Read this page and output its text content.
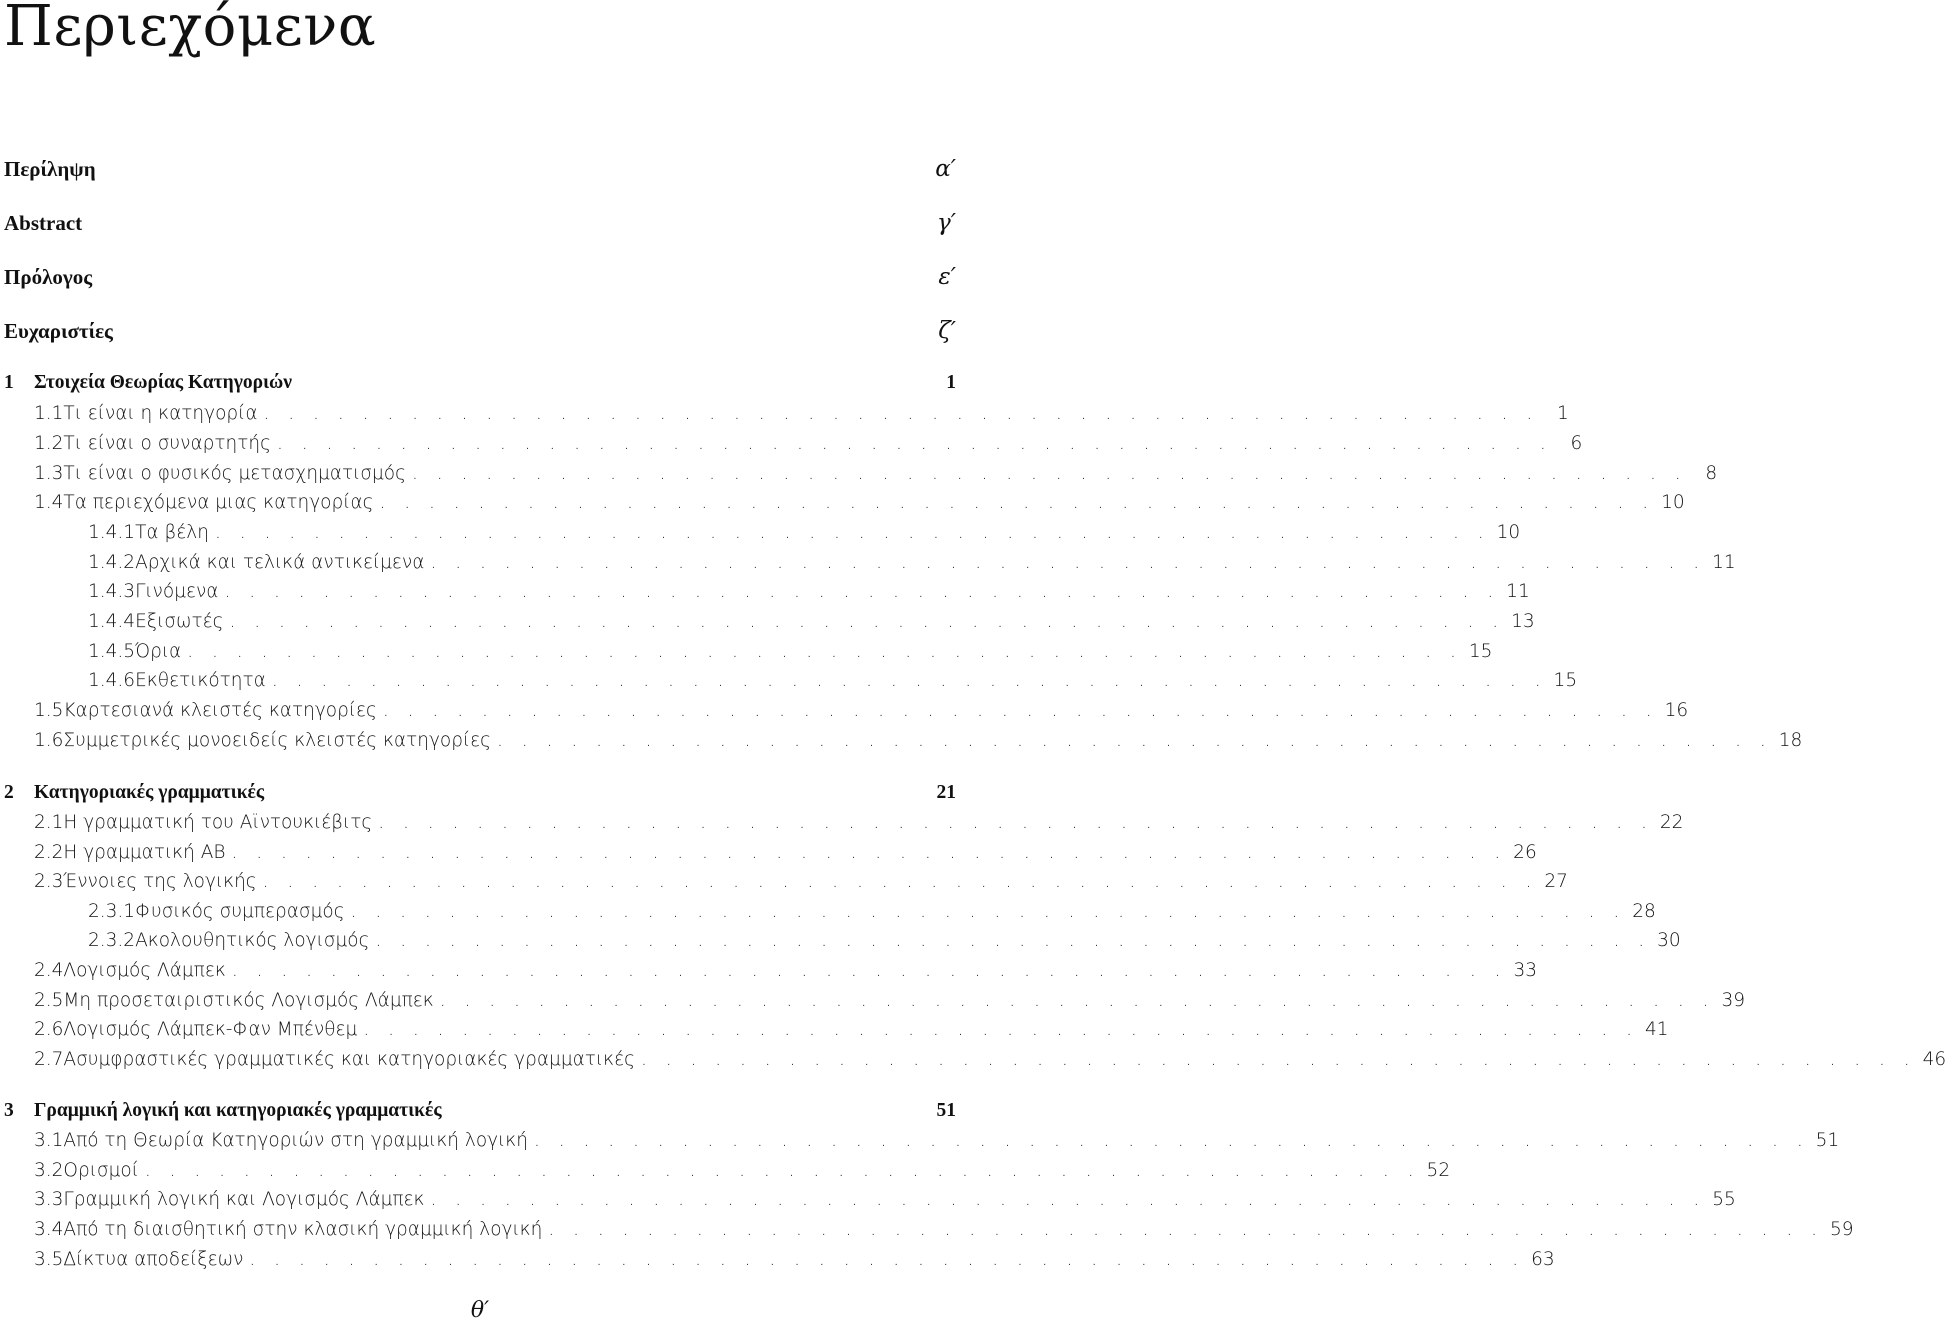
Περιεχόμενα
Περίληψη	α′
Abstract	γ′
Πρόλογος	ε′
Ευχαριστίες	ζ′
1	Στοιχεία Θεωρίας Κατηγοριών	1
1.1 Τι είναι η κατηγορία . . . . . . . . . . . . . . . . . . . . . . . . . . . . . . . . . . . . . . . . . . . . . . . . . . . . 1
1.2 Τι είναι ο συναρτητής . . . . . . . . . . . . . . . . . . . . . . . . . . . . . . . . . . . . . . . . . . . . . . . . . . . . 6
1.3 Τι είναι ο φυσικός μετασχηματισμός . . . . . . . . . . . . . . . . . . . . . . . . . . . . . . . . . . . . . . . . . . . . . . . . . . . . 8
1.4 Τα περιεχόμενα μιας κατηγορίας . . . . . . . . . . . . . . . . . . . . . . . . . . . . . . . . . . . . . . . . . . . . . . . . . . . . 10
1.4.1 Τα βέλη . . . . . . . . . . . . . . . . . . . . . . . . . . . . . . . . . . . . . . . . . . . . . . . . . . . . 10
1.4.2 Αρχικά και τελικά αντικείμενα . . . . . . . . . . . . . . . . . . . . . . . . . . . . . . . . . . . . . . . . . . . . . . . . . . . . 11
1.4.3 Γινόμενα . . . . . . . . . . . . . . . . . . . . . . . . . . . . . . . . . . . . . . . . . . . . . . . . . . . . 11
1.4.4 Εξισωτές . . . . . . . . . . . . . . . . . . . . . . . . . . . . . . . . . . . . . . . . . . . . . . . . . . . . 13
1.4.5 Όρια . . . . . . . . . . . . . . . . . . . . . . . . . . . . . . . . . . . . . . . . . . . . . . . . . . . . 15
1.4.6 Εκθετικότητα . . . . . . . . . . . . . . . . . . . . . . . . . . . . . . . . . . . . . . . . . . . . . . . . . . . . 15
1.5 Καρτεσιανά κλειστές κατηγορίες . . . . . . . . . . . . . . . . . . . . . . . . . . . . . . . . . . . . . . . . . . . . . . . . . . . . 16
1.6 Συμμετρικές μονοειδείς κλειστές κατηγορίες . . . . . . . . . . . . . . . . . . . . . . . . . . . . . . . . . . . . . . . . . . . . . . . . . . . . 18
2	Κατηγοριακές γραμματικές	21
2.1 Η γραμματική του Αϊντουκιέβιτς . . . . . . . . . . . . . . . . . . . . . . . . . . . . . . . . . . . . . . . . . . . . . . . . . . . . 22
2.2 Η γραμματική AB . . . . . . . . . . . . . . . . . . . . . . . . . . . . . . . . . . . . . . . . . . . . . . . . . . . . 26
2.3 Έννοιες της λογικής . . . . . . . . . . . . . . . . . . . . . . . . . . . . . . . . . . . . . . . . . . . . . . . . . . . . 27
2.3.1 Φυσικός συμπερασμός . . . . . . . . . . . . . . . . . . . . . . . . . . . . . . . . . . . . . . . . . . . . . . . . . . . . 28
2.3.2 Ακολουθητικός λογισμός . . . . . . . . . . . . . . . . . . . . . . . . . . . . . . . . . . . . . . . . . . . . . . . . . . . . 30
2.4 Λογισμός Λάμπεκ . . . . . . . . . . . . . . . . . . . . . . . . . . . . . . . . . . . . . . . . . . . . . . . . . . . . 33
2.5 Μη προσεταιριστικός Λογισμός Λάμπεκ . . . . . . . . . . . . . . . . . . . . . . . . . . . . . . . . . . . . . . . . . . . . . . . . . . . . 39
2.6 Λογισμός Λάμπεκ-Φαν Μπένθεμ . . . . . . . . . . . . . . . . . . . . . . . . . . . . . . . . . . . . . . . . . . . . . . . . . . . . 41
2.7 Ασυμφραστικές γραμματικές και κατηγοριακές γραμματικές . . . . . . . . . . . . . . . . . . . . . . . . . . . . . . . . . . . . . . . . . . . . . . . . . . . . 46
3	Γραμμική λογική και κατηγοριακές γραμματικές	51
3.1 Από τη Θεωρία Κατηγοριών στη γραμμική λογική . . . . . . . . . . . . . . . . . . . . . . . . . . . . . . . . . . . . . . . . . . . . . . . . . . . . 51
3.2 Ορισμοί . . . . . . . . . . . . . . . . . . . . . . . . . . . . . . . . . . . . . . . . . . . . . . . . . . . . 52
3.3 Γραμμική λογική και Λογισμός Λάμπεκ . . . . . . . . . . . . . . . . . . . . . . . . . . . . . . . . . . . . . . . . . . . . . . . . . . . . 55
3.4 Από τη διαισθητική στην κλασική γραμμική λογική . . . . . . . . . . . . . . . . . . . . . . . . . . . . . . . . . . . . . . . . . . . . . . . . . . . . 59
3.5 Δίκτυα αποδείξεων . . . . . . . . . . . . . . . . . . . . . . . . . . . . . . . . . . . . . . . . . . . . . . . . . . . . 63
θ′
